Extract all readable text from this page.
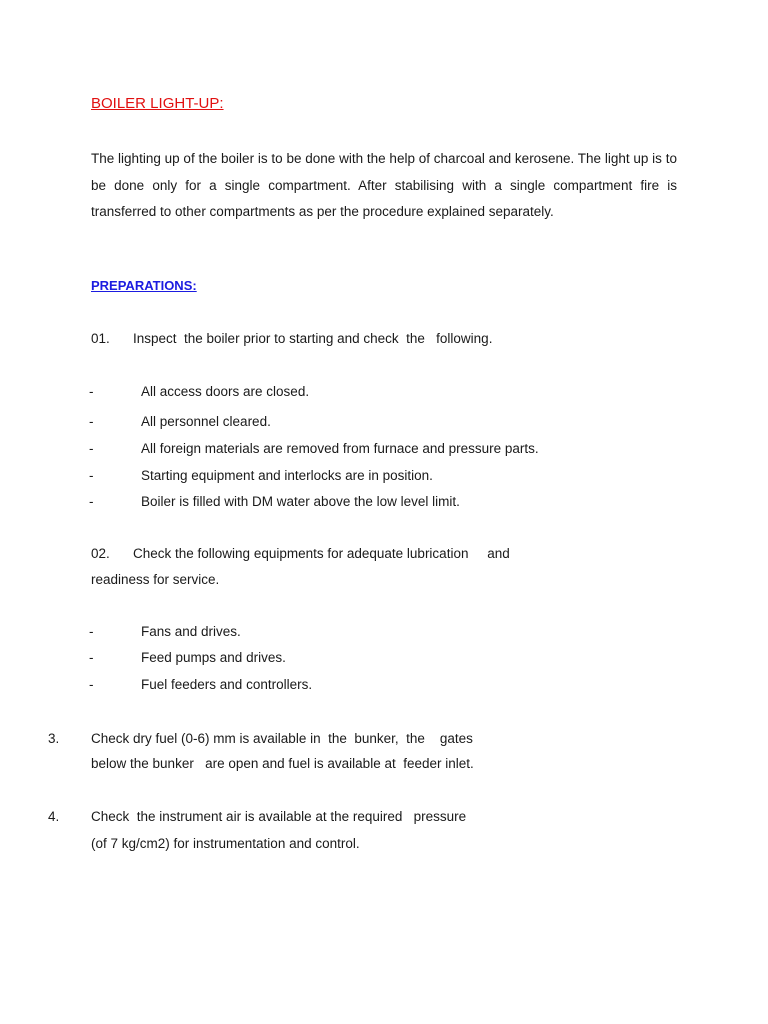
BOILER LIGHT-UP:
The lighting up of the boiler is to be done with the help of charcoal and kerosene. The light up is to be done only for a single compartment. After stabilising with a single compartment fire is transferred to other compartments as per the procedure explained separately.
PREPARATIONS:
01. Inspect  the boiler prior to starting and check  the   following.
-	All access doors are closed.
-	All personnel cleared.
-	All foreign materials are removed from furnace and pressure parts.
-	Starting equipment and interlocks are in position.
-	Boiler is filled with DM water above the low level limit.
02. Check the following equipments for adequate lubrication     and
readiness for service.
-	Fans and drives.
-	Feed pumps and drives.
-	Fuel feeders and controllers.
3. Check dry fuel (0-6) mm is available in  the  bunker,  the    gates
below the bunker   are open and fuel is available at  feeder inlet.
4. Check  the instrument air is available at the required   pressure
(of 7 kg/cm2) for instrumentation and control.
